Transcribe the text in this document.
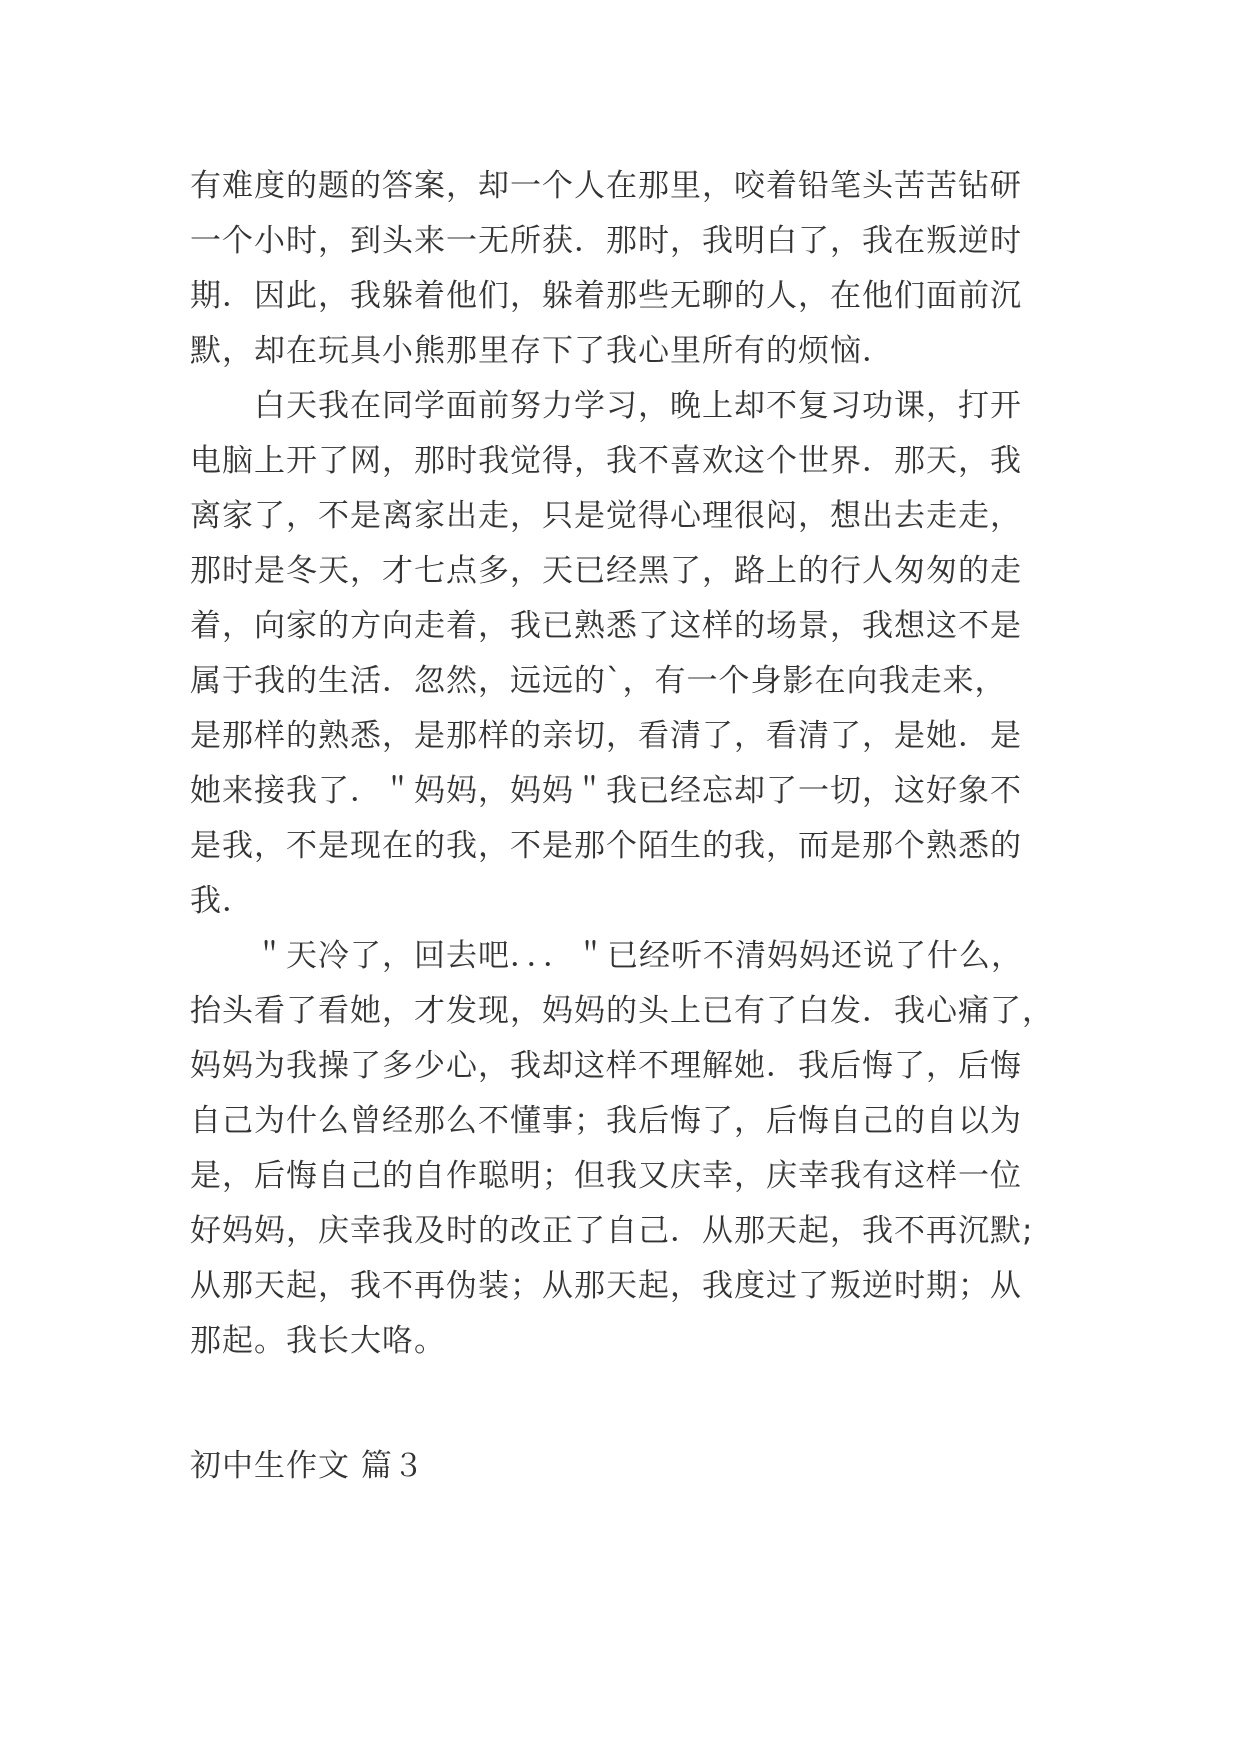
有难度的题的答案，却一个人在那里，咬着铅笔头苦苦钻研
一个小时，到头来一无所获．那时，我明白了，我在叛逆时
期．因此，我躲着他们，躲着那些无聊的人，在他们面前沉
默，却在玩具小熊那里存下了我心里所有的烦恼．
　　白天我在同学面前努力学习，晚上却不复习功课，打开
电脑上开了网，那时我觉得，我不喜欢这个世界．那天，我
离家了，不是离家出走，只是觉得心理很闷，想出去走走，
那时是冬天，才七点多，天已经黑了，路上的行人匆匆的走
着，向家的方向走着，我已熟悉了这样的场景，我想这不是
属于我的生活．忽然，远远的`，有一个身影在向我走来，
是那样的熟悉，是那样的亲切，看清了，看清了，是她．是
她来接我了．＂妈妈，妈妈＂我已经忘却了一切，这好象不
是我，不是现在的我，不是那个陌生的我，而是那个熟悉的
我．
　　＂天冷了，回去吧．．．＂已经听不清妈妈还说了什么，
抬头看了看她，才发现，妈妈的头上已有了白发．我心痛了，
妈妈为我操了多少心，我却这样不理解她．我后悔了，后悔
自己为什么曾经那么不懂事；我后悔了，后悔自己的自以为
是，后悔自己的自作聪明；但我又庆幸，庆幸我有这样一位
好妈妈，庆幸我及时的改正了自己．从那天起，我不再沉默;
从那天起，我不再伪装；从那天起，我度过了叛逆时期；从
那起。我长大咯。
初中生作文 篇３
